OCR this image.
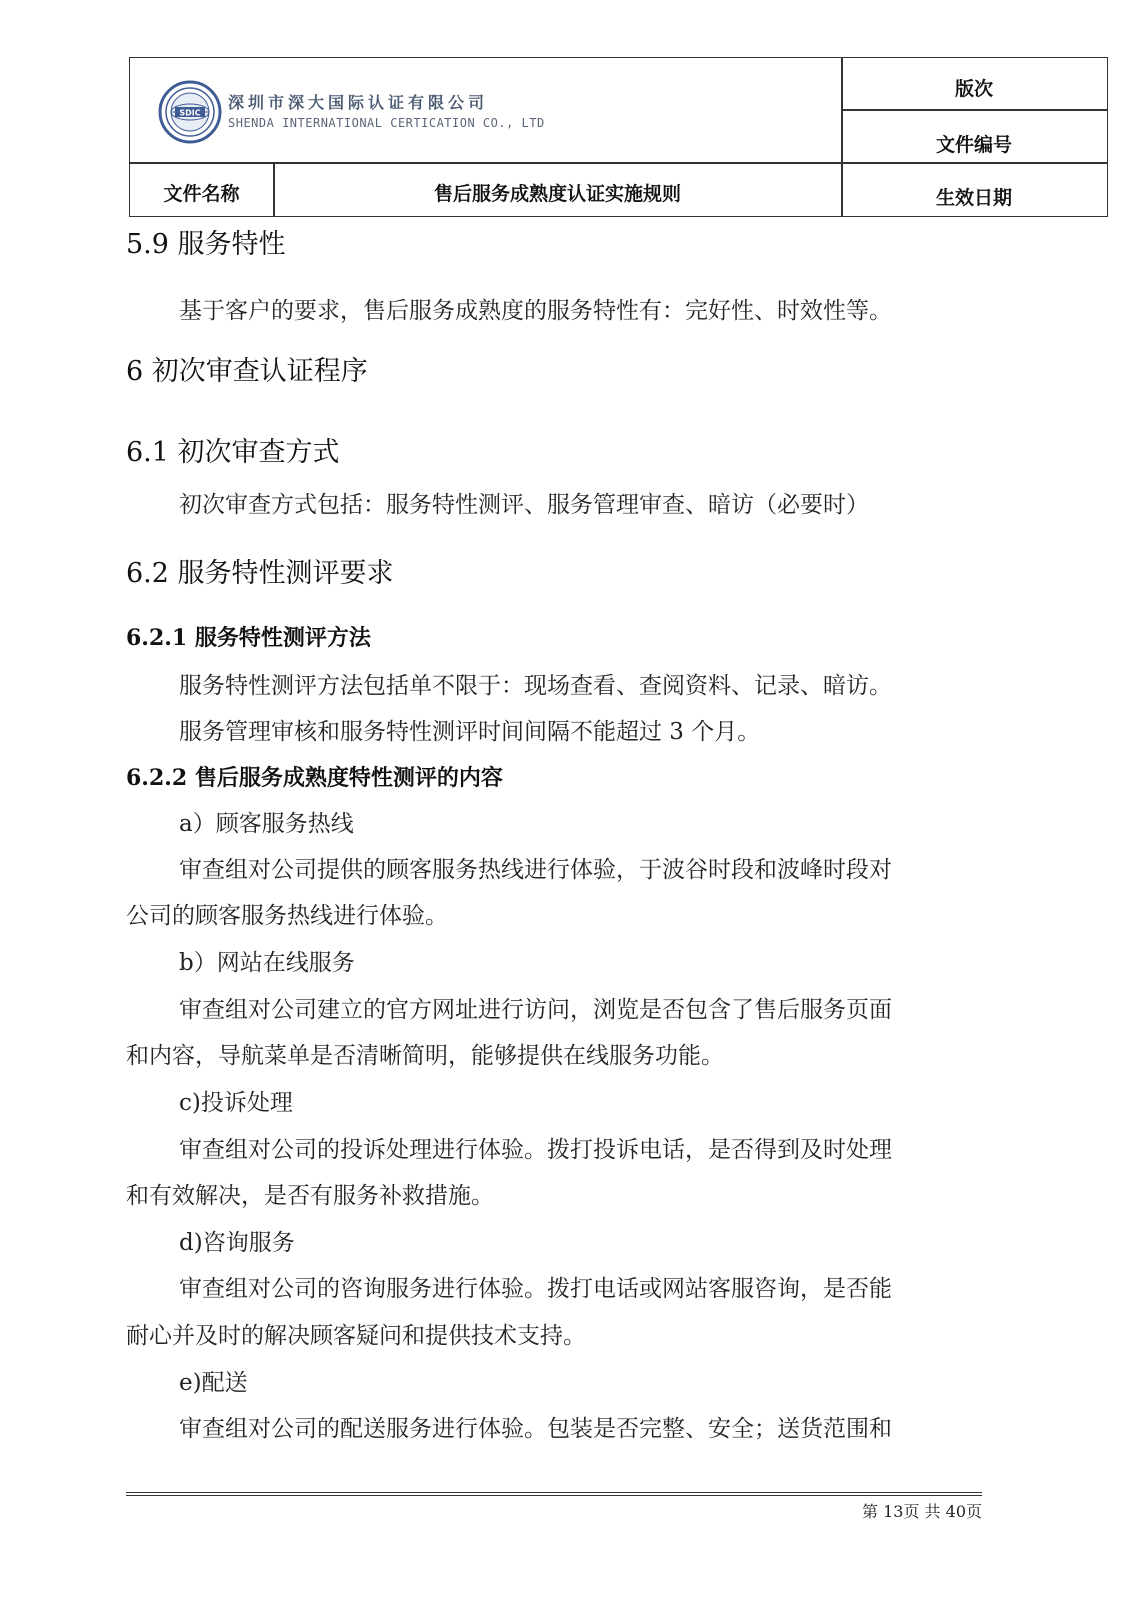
SDIC
深圳市深大国际认证有限公司
SHENDA INTERNATIONAL CERTICATION CO., LTD
版次
文件编号
文件名称	售后服务成熟度认证实施规则	生效日期
5.9 服务特性
基于客户的要求，售后服务成熟度的服务特性有：完好性、时效性等。
6 初次审查认证程序
6.1 初次审查方式
初次审查方式包括：服务特性测评、服务管理审查、暗访（必要时）
6.2 服务特性测评要求
6.2.1 服务特性测评方法
服务特性测评方法包括单不限于：现场查看、查阅资料、记录、暗访。
服务管理审核和服务特性测评时间间隔不能超过 3 个月。
6.2.2 售后服务成熟度特性测评的内容
a）顾客服务热线
审查组对公司提供的顾客服务热线进行体验，于波谷时段和波峰时段对
公司的顾客服务热线进行体验。
b）网站在线服务
审查组对公司建立的官方网址进行访问，浏览是否包含了售后服务页面
和内容，导航菜单是否清晰简明，能够提供在线服务功能。
c)投诉处理
审查组对公司的投诉处理进行体验。拨打投诉电话，是否得到及时处理
和有效解决，是否有服务补救措施。
d)咨询服务
审查组对公司的咨询服务进行体验。拨打电话或网站客服咨询，是否能
耐心并及时的解决顾客疑问和提供技术支持。
e)配送
审查组对公司的配送服务进行体验。包装是否完整、安全；送货范围和
第 13页 共 40页
